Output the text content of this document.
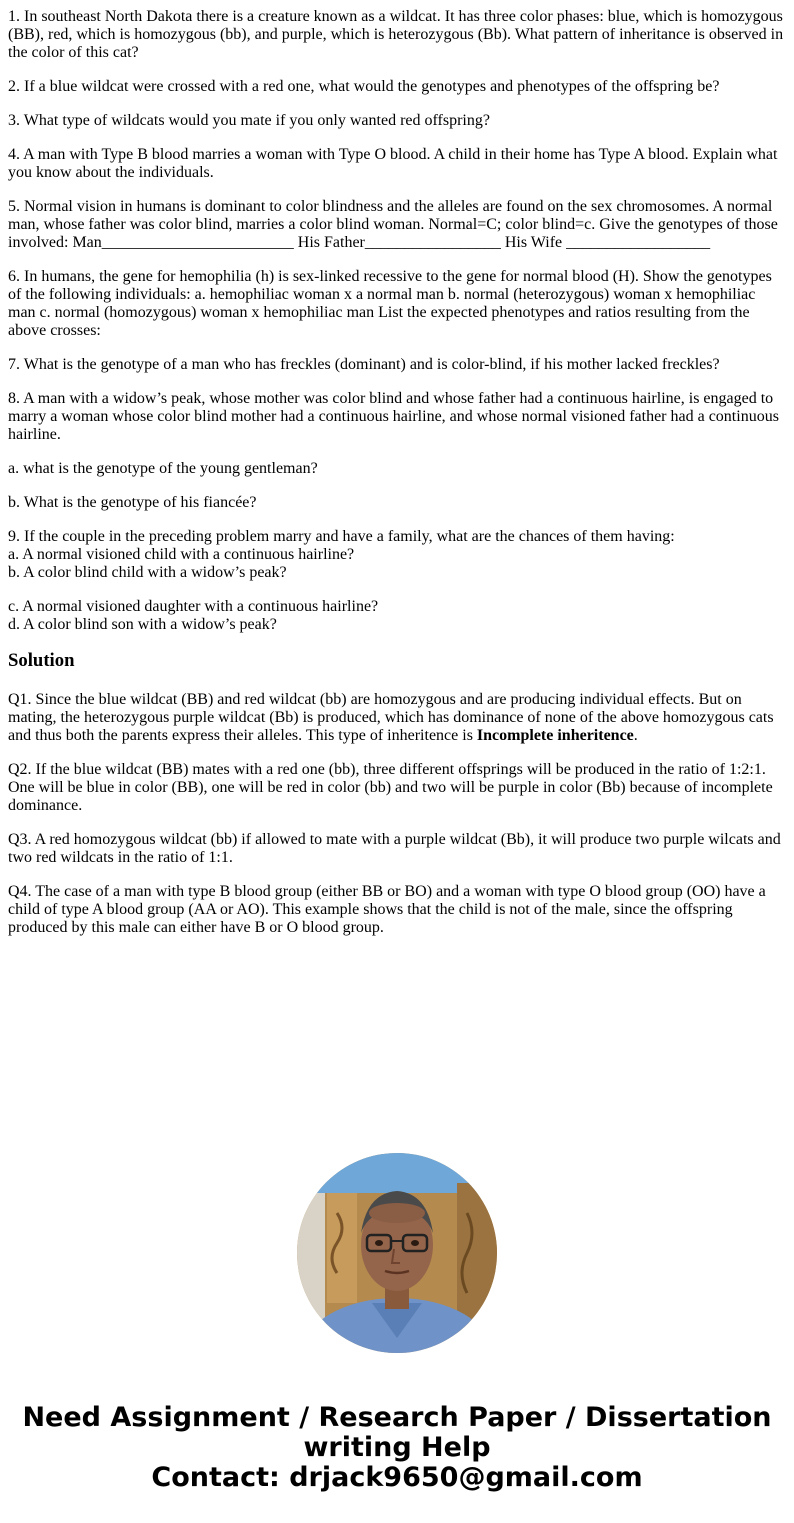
1. In southeast North Dakota there is a creature known as a wildcat. It has three color phases: blue, which is homozygous (BB), red, which is homozygous (bb), and purple, which is heterozygous (Bb). What pattern of inheritance is observed in the color of this cat?

2. If a blue wildcat were crossed with a red one, what would the genotypes and phenotypes of the offspring be?

3. What type of wildcats would you mate if you only wanted red offspring?

4. A man with Type B blood marries a woman with Type O blood. A child in their home has Type A blood. Explain what you know about the individuals.

5. Normal vision in humans is dominant to color blindness and the alleles are found on the sex chromosomes. A normal man, whose father was color blind, marries a color blind woman. Normal=C; color blind=c. Give the genotypes of those involved: Man________________________ His Father_________________ His Wife __________________

6. In humans, the gene for hemophilia (h) is sex-linked recessive to the gene for normal blood (H). Show the genotypes of the following individuals: a. hemophiliac woman x a normal man b. normal (heterozygous) woman x hemophiliac man c. normal (homozygous) woman x hemophiliac man List the expected phenotypes and ratios resulting from the above crosses:

7. What is the genotype of a man who has freckles (dominant) and is color-blind, if his mother lacked freckles?

8. A man with a widow’s peak, whose mother was color blind and whose father had a continuous hairline, is engaged to marry a woman whose color blind mother had a continuous hairline, and whose normal visioned father had a continuous hairline.

a. what is the genotype of the young gentleman?

b. What is the genotype of his fiancée?

9. If the couple in the preceding problem marry and have a family, what are the chances of them having:
a. A normal visioned child with a continuous hairline?
b. A color blind child with a widow’s peak?

c. A normal visioned daughter with a continuous hairline?
d. A color blind son with a widow’s peak?

Solution

Q1. Since the blue wildcat (BB) and red wildcat (bb) are homozygous and are producing individual effects. But on mating, the heterozygous purple wildcat (Bb) is produced, which has dominance of none of the above homozygous cats and thus both the parents express their alleles. This type of inheritence is Incomplete inheritence.

Q2. If the blue wildcat (BB) mates with a red one (bb), three different offsprings will be produced in the ratio of 1:2:1. One will be blue in color (BB), one will be red in color (bb) and two will be purple in color (Bb) because of incomplete dominance.

Q3. A red homozygous wildcat (bb) if allowed to mate with a purple wildcat (Bb), it will produce two purple wilcats and two red wildcats in the ratio of 1:1.

Q4. The case of a man with type B blood group (either BB or BO) and a woman with type O blood group (OO) have a child of type A blood group (AA or AO). This example shows that the child is not of the male, since the offspring produced by this male can either have B or O blood group.

Need Assignment / Research Paper / Dissertation writing Help
Contact: drjack9650@gmail.com
